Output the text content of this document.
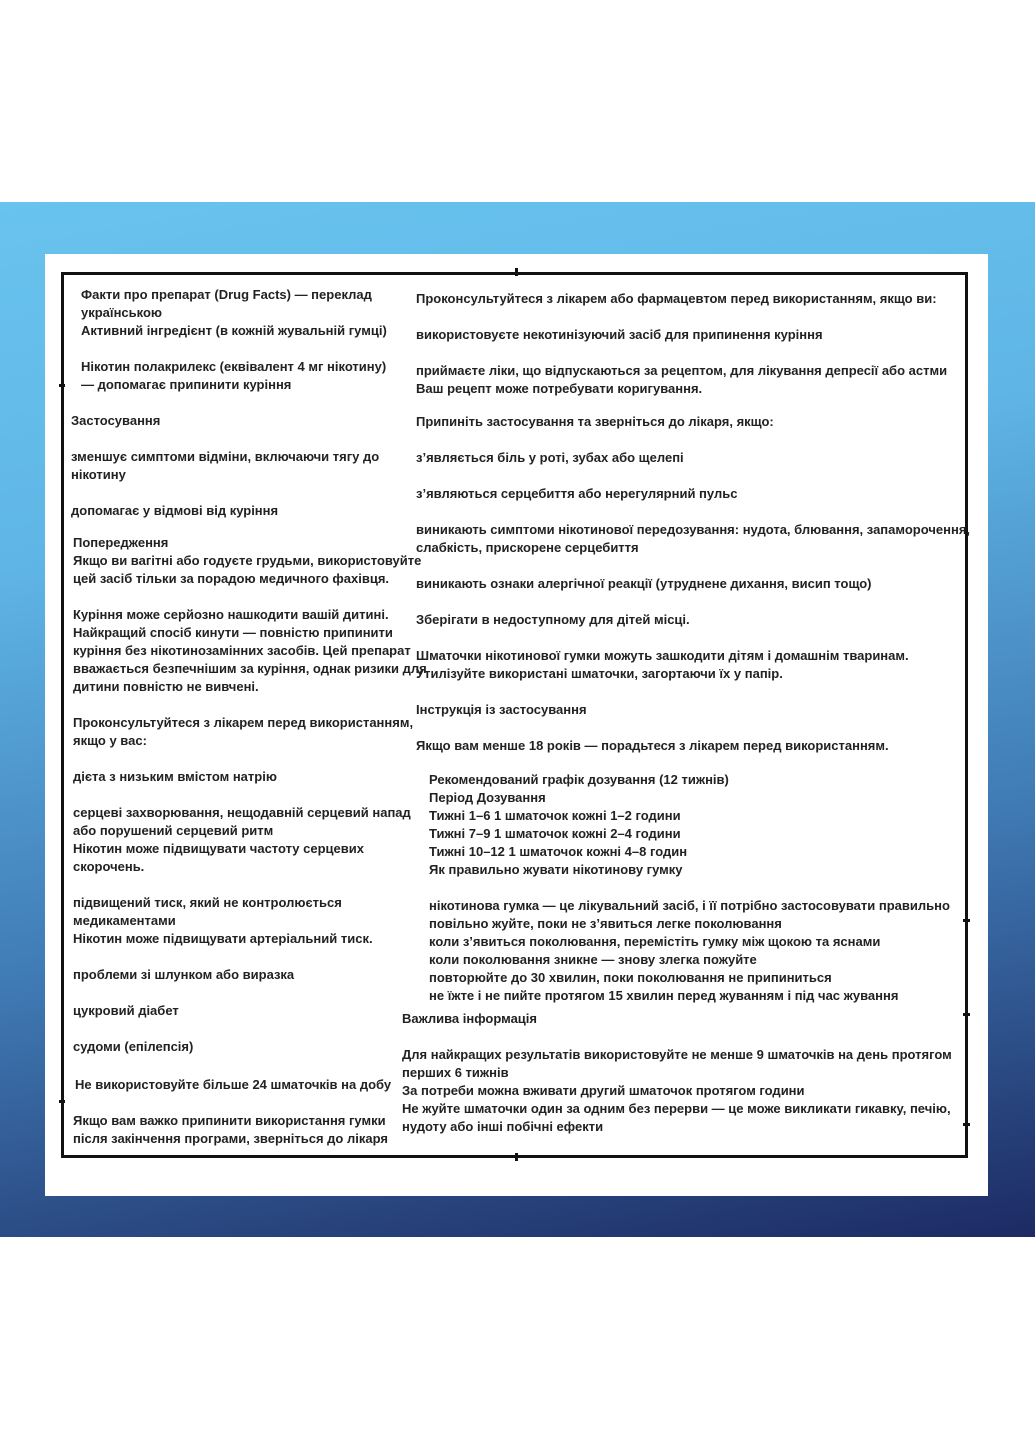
Факти про препарат (Drug Facts) — переклад

українською

Активний інгредієнт (в кожній жувальній гумці)

Нікотин полакрилекс (еквівалент 4 мг нікотину)

— допомагає припинити куріння

Застосування

зменшує симптоми відміни, включаючи тягу до

нікотину

допомагає у відмові від куріння

Попередження

Якщо ви вагітні або годуєте грудьми, використовуйте

цей засіб тільки за порадою медичного фахівця.

Куріння може серйозно нашкодити вашій дитині.

Найкращий спосіб кинути — повністю припинити

куріння без нікотинозамінних засобів. Цей препарат

вважається безпечнішим за куріння, однак ризики для

дитини повністю не вивчені.

Проконсультуйтеся з лікарем перед використанням,

якщо у вас:

дієта з низьким вмістом натрію

серцеві захворювання, нещодавній серцевий напад

або порушений серцевий ритм

Нікотин може підвищувати частоту серцевих

скорочень.

підвищений тиск, який не контролюється

медикаментами

Нікотин може підвищувати артеріальний тиск.

проблеми зі шлунком або виразка

цукровий діабет

судоми (епілепсія)

Не використовуйте більше 24 шматочків на добу

Якщо вам важко припинити використання гумки

після закінчення програми, зверніться до лікаря

Проконсультуйтеся з лікарем або фармацевтом перед використанням, якщо ви:

використовуєте некотинізуючий засіб для припинення куріння

приймаєте ліки, що відпускаються за рецептом, для лікування депресії або астми

Ваш рецепт може потребувати коригування.

Припиніть застосування та зверніться до лікаря, якщо:

з’являється біль у роті, зубах або щелепі

з’являються серцебиття або нерегулярний пульс

виникають симптоми нікотинової передозування: нудота, блювання, запаморочення,

слабкість, прискорене серцебиття

виникають ознаки алергічної реакції (утруднене дихання, висип тощо)

Зберігати в недоступному для дітей місці.

Шматочки нікотинової гумки можуть зашкодити дітям і домашнім тваринам.

Утилізуйте використані шматочки, загортаючи їх у папір.

Інструкція із застосування

Якщо вам менше 18 років — порадьтеся з лікарем перед використанням.

Рекомендований графік дозування (12 тижнів)

Період Дозування

Тижні 1–6 1 шматочок кожні 1–2 години

Тижні 7–9 1 шматочок кожні 2–4 години

Тижні 10–12 1 шматочок кожні 4–8 годин

Як правильно жувати нікотинову гумку

нікотинова гумка — це лікувальний засіб, і її потрібно застосовувати правильно

повільно жуйте, поки не з’явиться легке поколювання

коли з’явиться поколювання, перемістіть гумку між щокою та яснами

коли поколювання зникне — знову злегка пожуйте

повторюйте до 30 хвилин, поки поколювання не припиниться

не їжте і не пийте протягом 15 хвилин перед жуванням і під час жування

Важлива інформація

Для найкращих результатів використовуйте не менше 9 шматочків на день протягом

перших 6 тижнів

За потреби можна вживати другий шматочок протягом години

Не жуйте шматочки один за одним без перерви — це може викликати гикавку, печію,

нудоту або інші побічні ефекти
